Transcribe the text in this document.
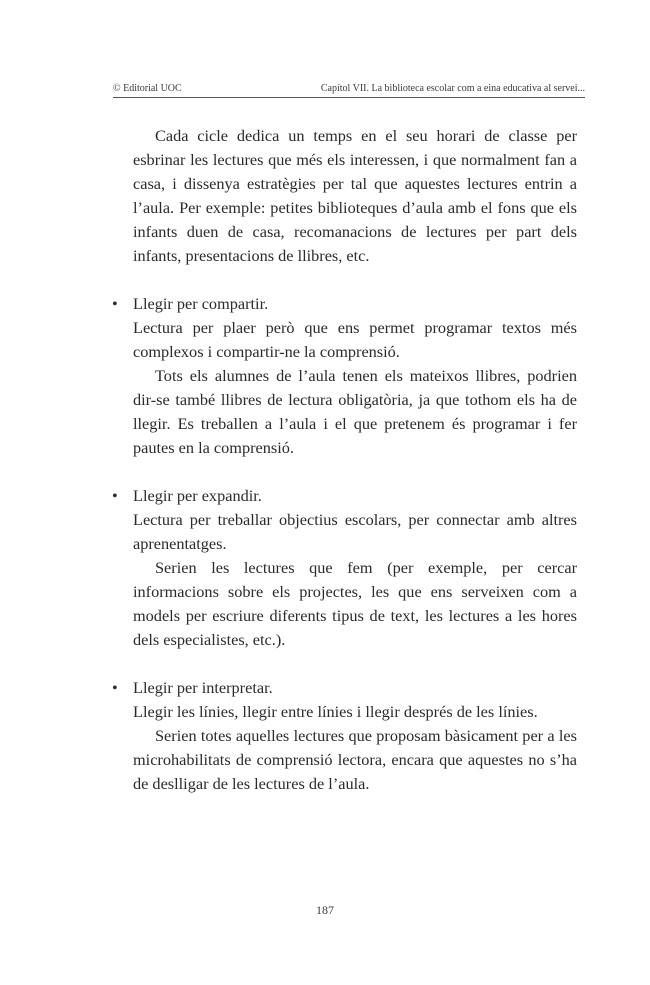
© Editorial UOC	Capítol VII. La biblioteca escolar com a eina educativa al servei...

Cada cicle dedica un temps en el seu horari de classe per esbrinar les lectures que més els interessen, i que normalment fan a casa, i dissenya estratègies per tal que aquestes lectures entrin a l’aula. Per exemple: petites biblioteques d’aula amb el fons que els infants duen de casa, recomanacions de lectures per part dels infants, presentacions de llibres, etc.

• Llegir per compartir.

Lectura per plaer però que ens permet programar textos més complexos i compartir-ne la comprensió.

Tots els alumnes de l’aula tenen els mateixos llibres, podrien dir-se també llibres de lectura obligatòria, ja que tothom els ha de llegir. Es treballen a l’aula i el que pretenem és programar i fer pautes en la comprensió.

• Llegir per expandir.

Lectura per treballar objectius escolars, per connectar amb altres aprenentatges.

Serien les lectures que fem (per exemple, per cercar informacions sobre els projectes, les que ens serveixen com a models per escriure diferents tipus de text, les lectures a les hores dels especialistes, etc.).

• Llegir per interpretar.

Llegir les línies, llegir entre línies i llegir després de les línies.

Serien totes aquelles lectures que proposam bàsicament per a les microhabilitats de comprensió lectora, encara que aquestes no s’ha de deslligar de les lectures de l’aula.

187
